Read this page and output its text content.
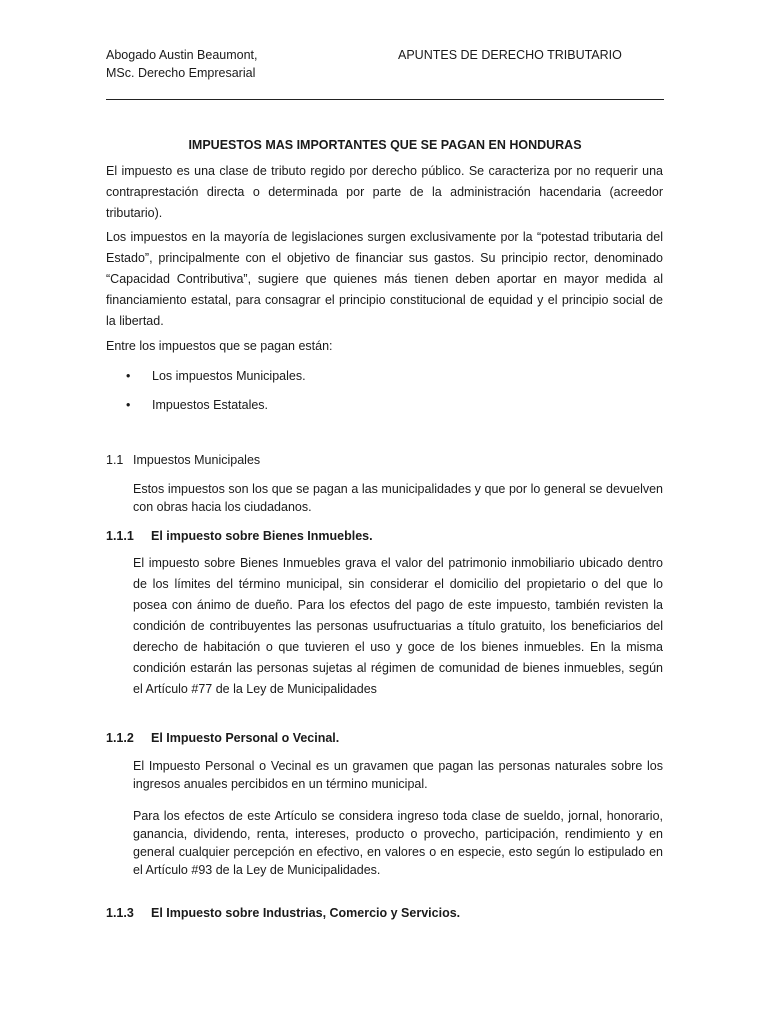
Abogado Austin Beaumont,
MSc. Derecho Empresarial
APUNTES DE DERECHO TRIBUTARIO
IMPUESTOS MAS IMPORTANTES QUE SE PAGAN EN HONDURAS
El impuesto es una clase de tributo regido por derecho público. Se caracteriza por no requerir una contraprestación directa o determinada por parte de la administración hacendaria (acreedor tributario).
Los impuestos en la mayoría de legislaciones surgen exclusivamente por la “potestad tributaria del Estado”, principalmente con el objetivo de financiar sus gastos. Su principio rector, denominado “Capacidad Contributiva”, sugiere que quienes más tienen deben aportar en mayor medida al financiamiento estatal, para consagrar el principio constitucional de equidad y el principio social de la libertad.
Entre los impuestos que se pagan están:
• Los impuestos Municipales.
• Impuestos Estatales.
1.1 Impuestos Municipales
Estos impuestos son los que se pagan a las municipalidades y que por lo general se devuelven con obras hacia los ciudadanos.
1.1.1 El impuesto sobre Bienes Inmuebles.
El impuesto sobre Bienes Inmuebles grava el valor del patrimonio inmobiliario ubicado dentro de los límites del término municipal, sin considerar el domicilio del propietario o del que lo posea con ánimo de dueño. Para los efectos del pago de este impuesto, también revisten la condición de contribuyentes las personas usufructuarias a título gratuito, los beneficiarios del derecho de habitación o que tuvieren el uso y goce de los bienes inmuebles. En la misma condición estarán las personas sujetas al régimen de comunidad de bienes inmuebles, según el Artículo #77 de la Ley de Municipalidades
1.1.2 El Impuesto Personal o Vecinal.
El Impuesto Personal o Vecinal es un gravamen que pagan las personas naturales sobre los ingresos anuales percibidos en un término municipal.
Para los efectos de este Artículo se considera ingreso toda clase de sueldo, jornal, honorario, ganancia, dividendo, renta, intereses, producto o provecho, participación, rendimiento y en general cualquier percepción en efectivo, en valores o en especie, esto según lo estipulado en el Artículo #93 de la Ley de Municipalidades.
1.1.3 El Impuesto sobre Industrias, Comercio y Servicios.
